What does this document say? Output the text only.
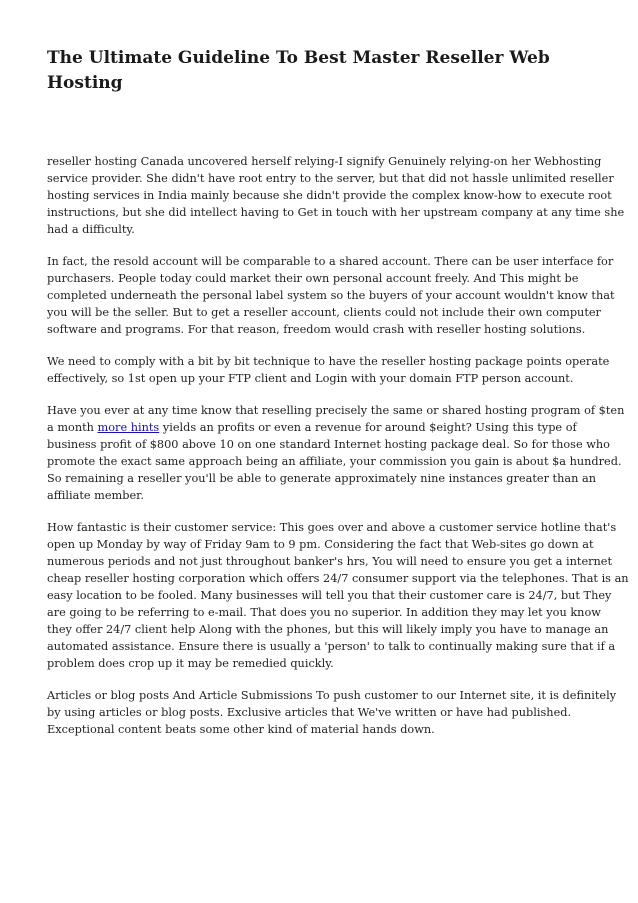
The Ultimate Guideline To Best Master Reseller Web
Hosting

reseller hosting Canada uncovered herself relying-I signify Genuinely relying-on her Webhosting
service provider. She didn't have root entry to the server, but that did not hassle unlimited reseller
hosting services in India mainly because she didn't provide the complex know-how to execute root
instructions, but she did intellect having to Get in touch with her upstream company at any time she
had a difficulty.

In fact, the resold account will be comparable to a shared account. There can be user interface for
purchasers. People today could market their own personal account freely. And This might be
completed underneath the personal label system so the buyers of your account wouldn't know that
you will be the seller. But to get a reseller account, clients could not include their own computer
software and programs. For that reason, freedom would crash with reseller hosting solutions.

We need to comply with a bit by bit technique to have the reseller hosting package points operate
effectively, so 1st open up your FTP client and Login with your domain FTP person account.

Have you ever at any time know that reselling precisely the same or shared hosting program of $ten
a month more hints yields an profits or even a revenue for around $eight? Using this type of
business profit of $800 above 10 on one standard Internet hosting package deal. So for those who
promote the exact same approach being an affiliate, your commission you gain is about $a hundred.
So remaining a reseller you'll be able to generate approximately nine instances greater than an
affiliate member.

How fantastic is their customer service: This goes over and above a customer service hotline that's
open up Monday by way of Friday 9am to 9 pm. Considering the fact that Web-sites go down at
numerous periods and not just throughout banker's hrs, You will need to ensure you get a internet
cheap reseller hosting corporation which offers 24/7 consumer support via the telephones. That is an
easy location to be fooled. Many businesses will tell you that their customer care is 24/7, but They
are going to be referring to e-mail. That does you no superior. In addition they may let you know
they offer 24/7 client help Along with the phones, but this will likely imply you have to manage an
automated assistance. Ensure there is usually a 'person' to talk to continually making sure that if a
problem does crop up it may be remedied quickly.

Articles or blog posts And Article Submissions To push customer to our Internet site, it is definitely
by using articles or blog posts. Exclusive articles that We've written or have had published.
Exceptional content beats some other kind of material hands down.
